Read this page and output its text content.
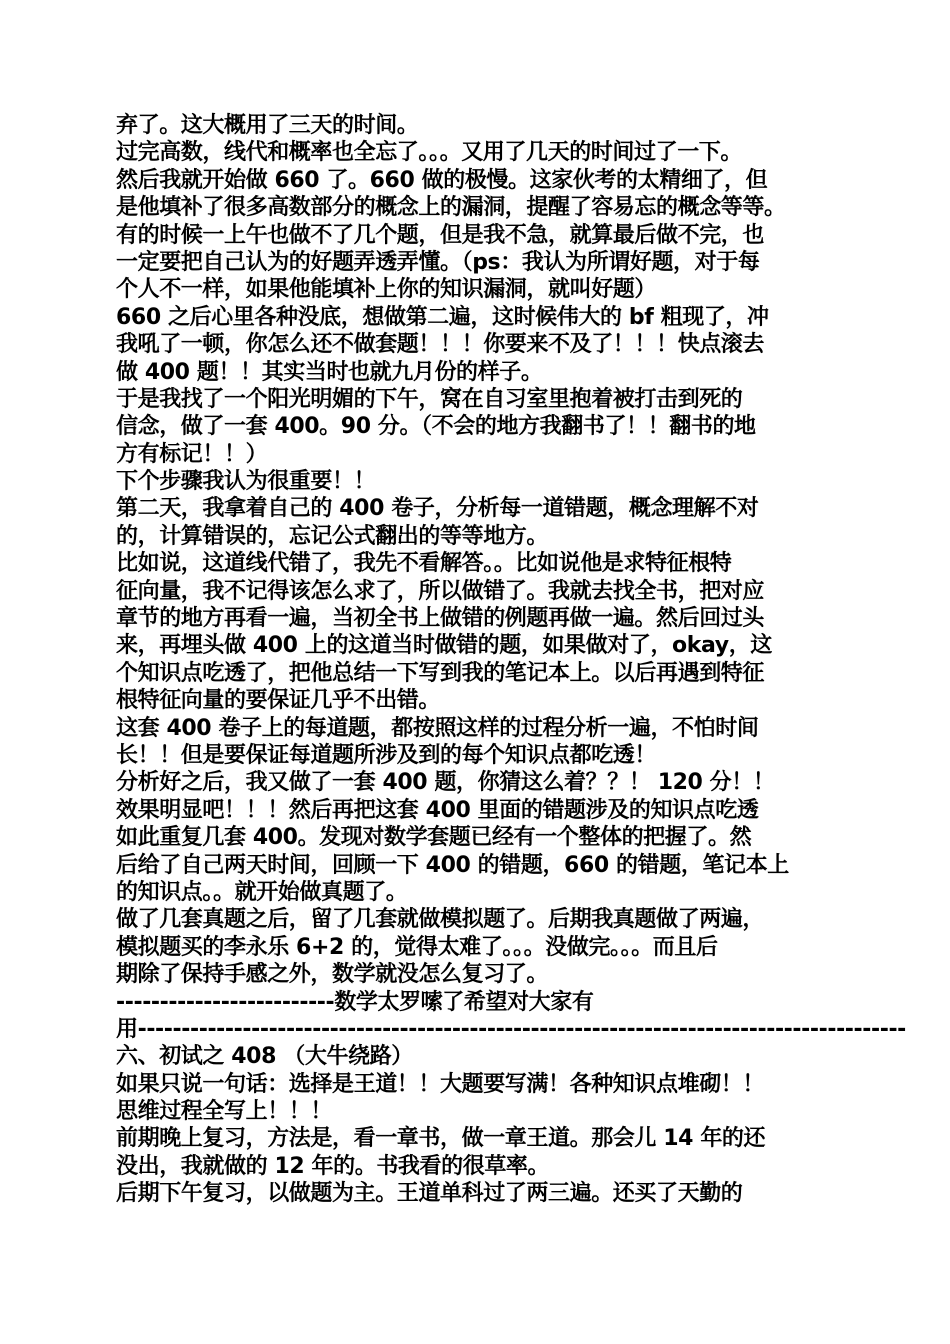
弃了。这大概用了三天的时间。
过完高数，线代和概率也全忘了。。。又用了几天的时间过了一下。
然后我就开始做 660 了。660 做的极慢。这家伙考的太精细了，但
是他填补了很多高数部分的概念上的漏洞，提醒了容易忘的概念等等。
有的时候一上午也做不了几个题，但是我不急，就算最后做不完，也
一定要把自己认为的好题弄透弄懂。（ps：我认为所谓好题，对于每
个人不一样，如果他能填补上你的知识漏洞，就叫好题）
660 之后心里各种没底，想做第二遍，这时候伟大的 bf 粗现了，冲
我吼了一顿，你怎么还不做套题！！！你要来不及了！！！快点滚去
做 400 题！！其实当时也就九月份的样子。
于是我找了一个阳光明媚的下午，窝在自习室里抱着被打击到死的
信念，做了一套 400。90 分。（不会的地方我翻书了！！翻书的地
方有标记！！）
下个步骤我认为很重要！！
第二天，我拿着自己的 400 卷子，分析每一道错题，概念理解不对
的，计算错误的，忘记公式翻出的等等地方。
比如说，这道线代错了，我先不看解答。。比如说他是求特征根特
征向量，我不记得该怎么求了，所以做错了。我就去找全书，把对应
章节的地方再看一遍，当初全书上做错的例题再做一遍。然后回过头
来，再埋头做 400 上的这道当时做错的题，如果做对了，okay，这
个知识点吃透了，把他总结一下写到我的笔记本上。以后再遇到特征
根特征向量的要保证几乎不出错。
这套 400 卷子上的每道题，都按照这样的过程分析一遍，不怕时间
长！！但是要保证每道题所涉及到的每个知识点都吃透！
分析好之后，我又做了一套 400 题，你猜这么着？？！ 120 分！！
效果明显吧！！！然后再把这套 400 里面的错题涉及的知识点吃透
如此重复几套 400。发现对数学套题已经有一个整体的把握了。然
后给了自己两天时间，回顾一下 400 的错题，660 的错题，笔记本上
的知识点。。就开始做真题了。
做了几套真题之后，留了几套就做模拟题了。后期我真题做了两遍，
模拟题买的李永乐 6+2 的，觉得太难了。。。没做完。。。而且后
期除了保持手感之外，数学就没怎么复习了。
-------------------------数学太罗嗦了希望对大家有
用----------------------------------------------------------------------------------------
六、初试之 408 （大牛绕路）
如果只说一句话：选择是王道！！大题要写满！各种知识点堆砌！！
思维过程全写上！！！
前期晚上复习，方法是，看一章书，做一章王道。那会儿 14 年的还
没出，我就做的 12 年的。书我看的很草率。
后期下午复习，以做题为主。王道单科过了两三遍。还买了天勤的
